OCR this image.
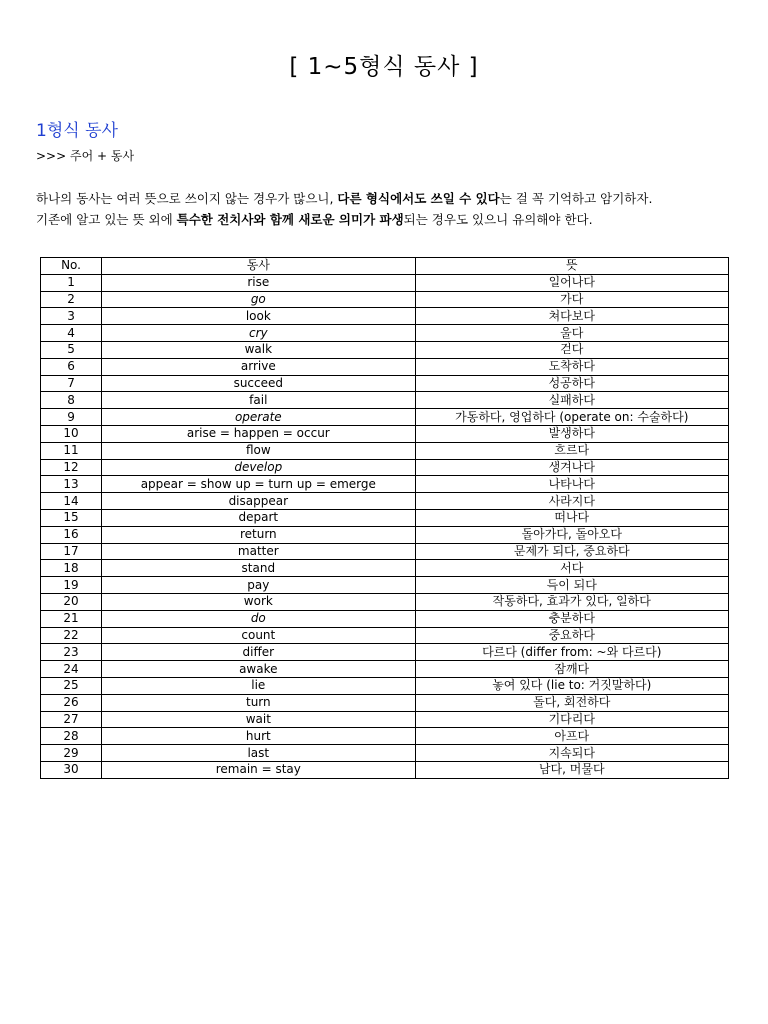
[ 1~5형식 동사 ]
1형식 동사
>>> 주어 + 동사
하나의 동사는 여러 뜻으로 쓰이지 않는 경우가 많으니, 다른 형식에서도 쓰일 수 있다는 걸 꼭 기억하고 암기하자.
기존에 알고 있는 뜻 외에 특수한 전치사와 함께 새로운 의미가 파생되는 경우도 있으니 유의해야 한다.
No.	동사	뜻
1	rise	일어나다
2	go	가다
3	look	쳐다보다
4	cry	울다
5	walk	걷다
6	arrive	도착하다
7	succeed	성공하다
8	fail	실패하다
9	operate	가동하다, 영업하다 (operate on: 수술하다)
10	arise = happen = occur	발생하다
11	flow	흐르다
12	develop	생겨나다
13	appear = show up = turn up = emerge	나타나다
14	disappear	사라지다
15	depart	떠나다
16	return	돌아가다, 돌아오다
17	matter	문제가 되다, 중요하다
18	stand	서다
19	pay	득이 되다
20	work	작동하다, 효과가 있다, 일하다
21	do	충분하다
22	count	중요하다
23	differ	다르다 (differ from: ~와 다르다)
24	awake	잠깨다
25	lie	놓여 있다 (lie to: 거짓말하다)
26	turn	돌다, 회전하다
27	wait	기다리다
28	hurt	아프다
29	last	지속되다
30	remain = stay	남다, 머물다
